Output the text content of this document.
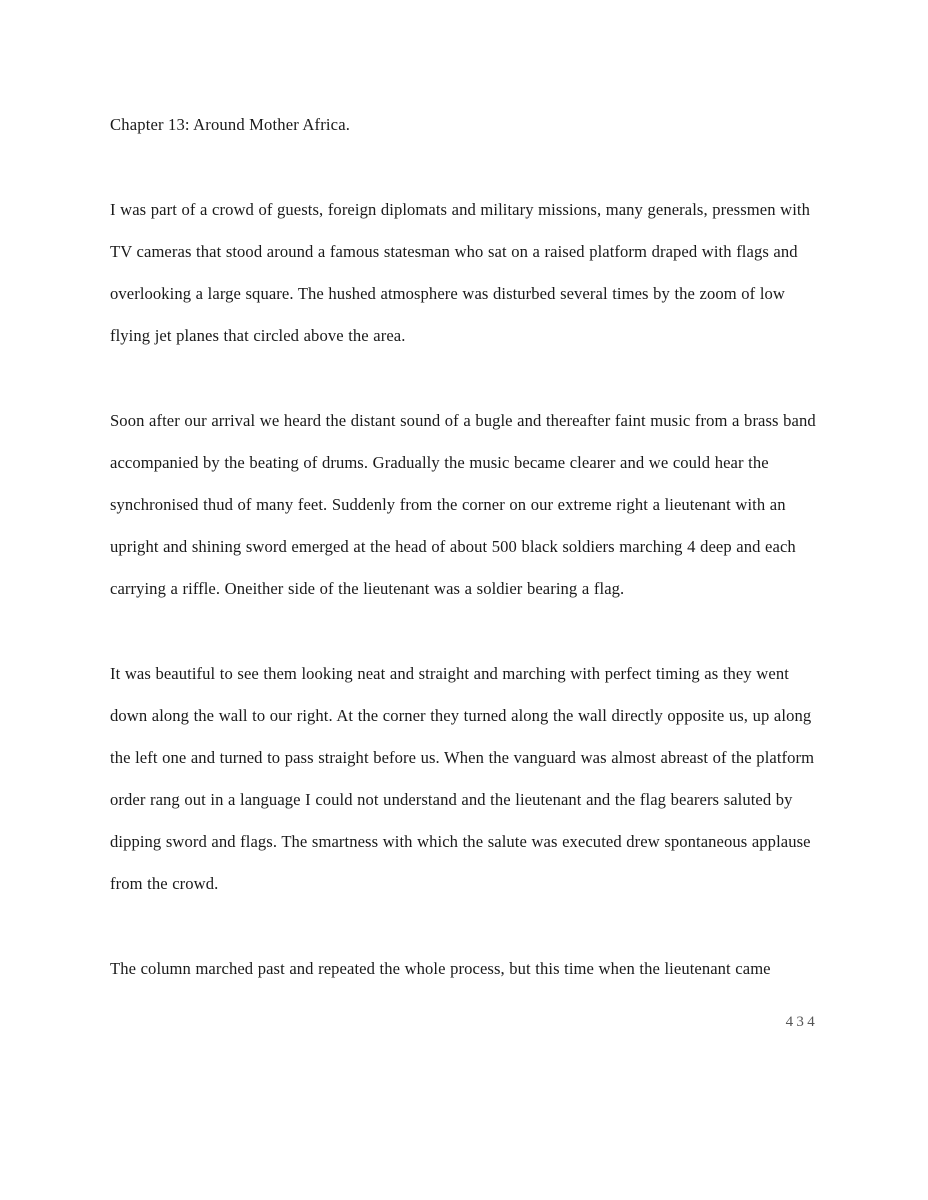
Chapter 13: Around Mother Africa.

I was part of a crowd of guests, foreign diplomats and military missions, many generals, pressmen with TV cameras that stood around a famous statesman who sat on a raised platform draped with flags and overlooking a large square. The hushed atmosphere was disturbed several times by the zoom of low flying jet planes that circled above the area.

Soon after our arrival we heard the distant sound of a bugle and thereafter faint music from a brass band accompanied by the beating of drums. Gradually the music became clearer and we could hear the synchronised thud of many feet. Suddenly from the corner on our extreme right a lieutenant with an upright and shining sword emerged at the head of about 500 black soldiers marching 4 deep and each carrying a riffle. Oneither side of the lieutenant was a soldier bearing a flag.

It was beautiful to see them looking neat and straight and marching with perfect timing as they went down along the wall to our right. At the corner they turned along the wall directly opposite us, up along the left one and turned to pass straight before us. When the vanguard was almost abreast of the platform order rang out in a language I could not understand and the lieutenant and the flag bearers saluted by dipping sword and flags. The smartness with which the salute was executed drew spontaneous applause from the crowd.

The column marched past and repeated the whole process, but this time when the lieutenant came

434
